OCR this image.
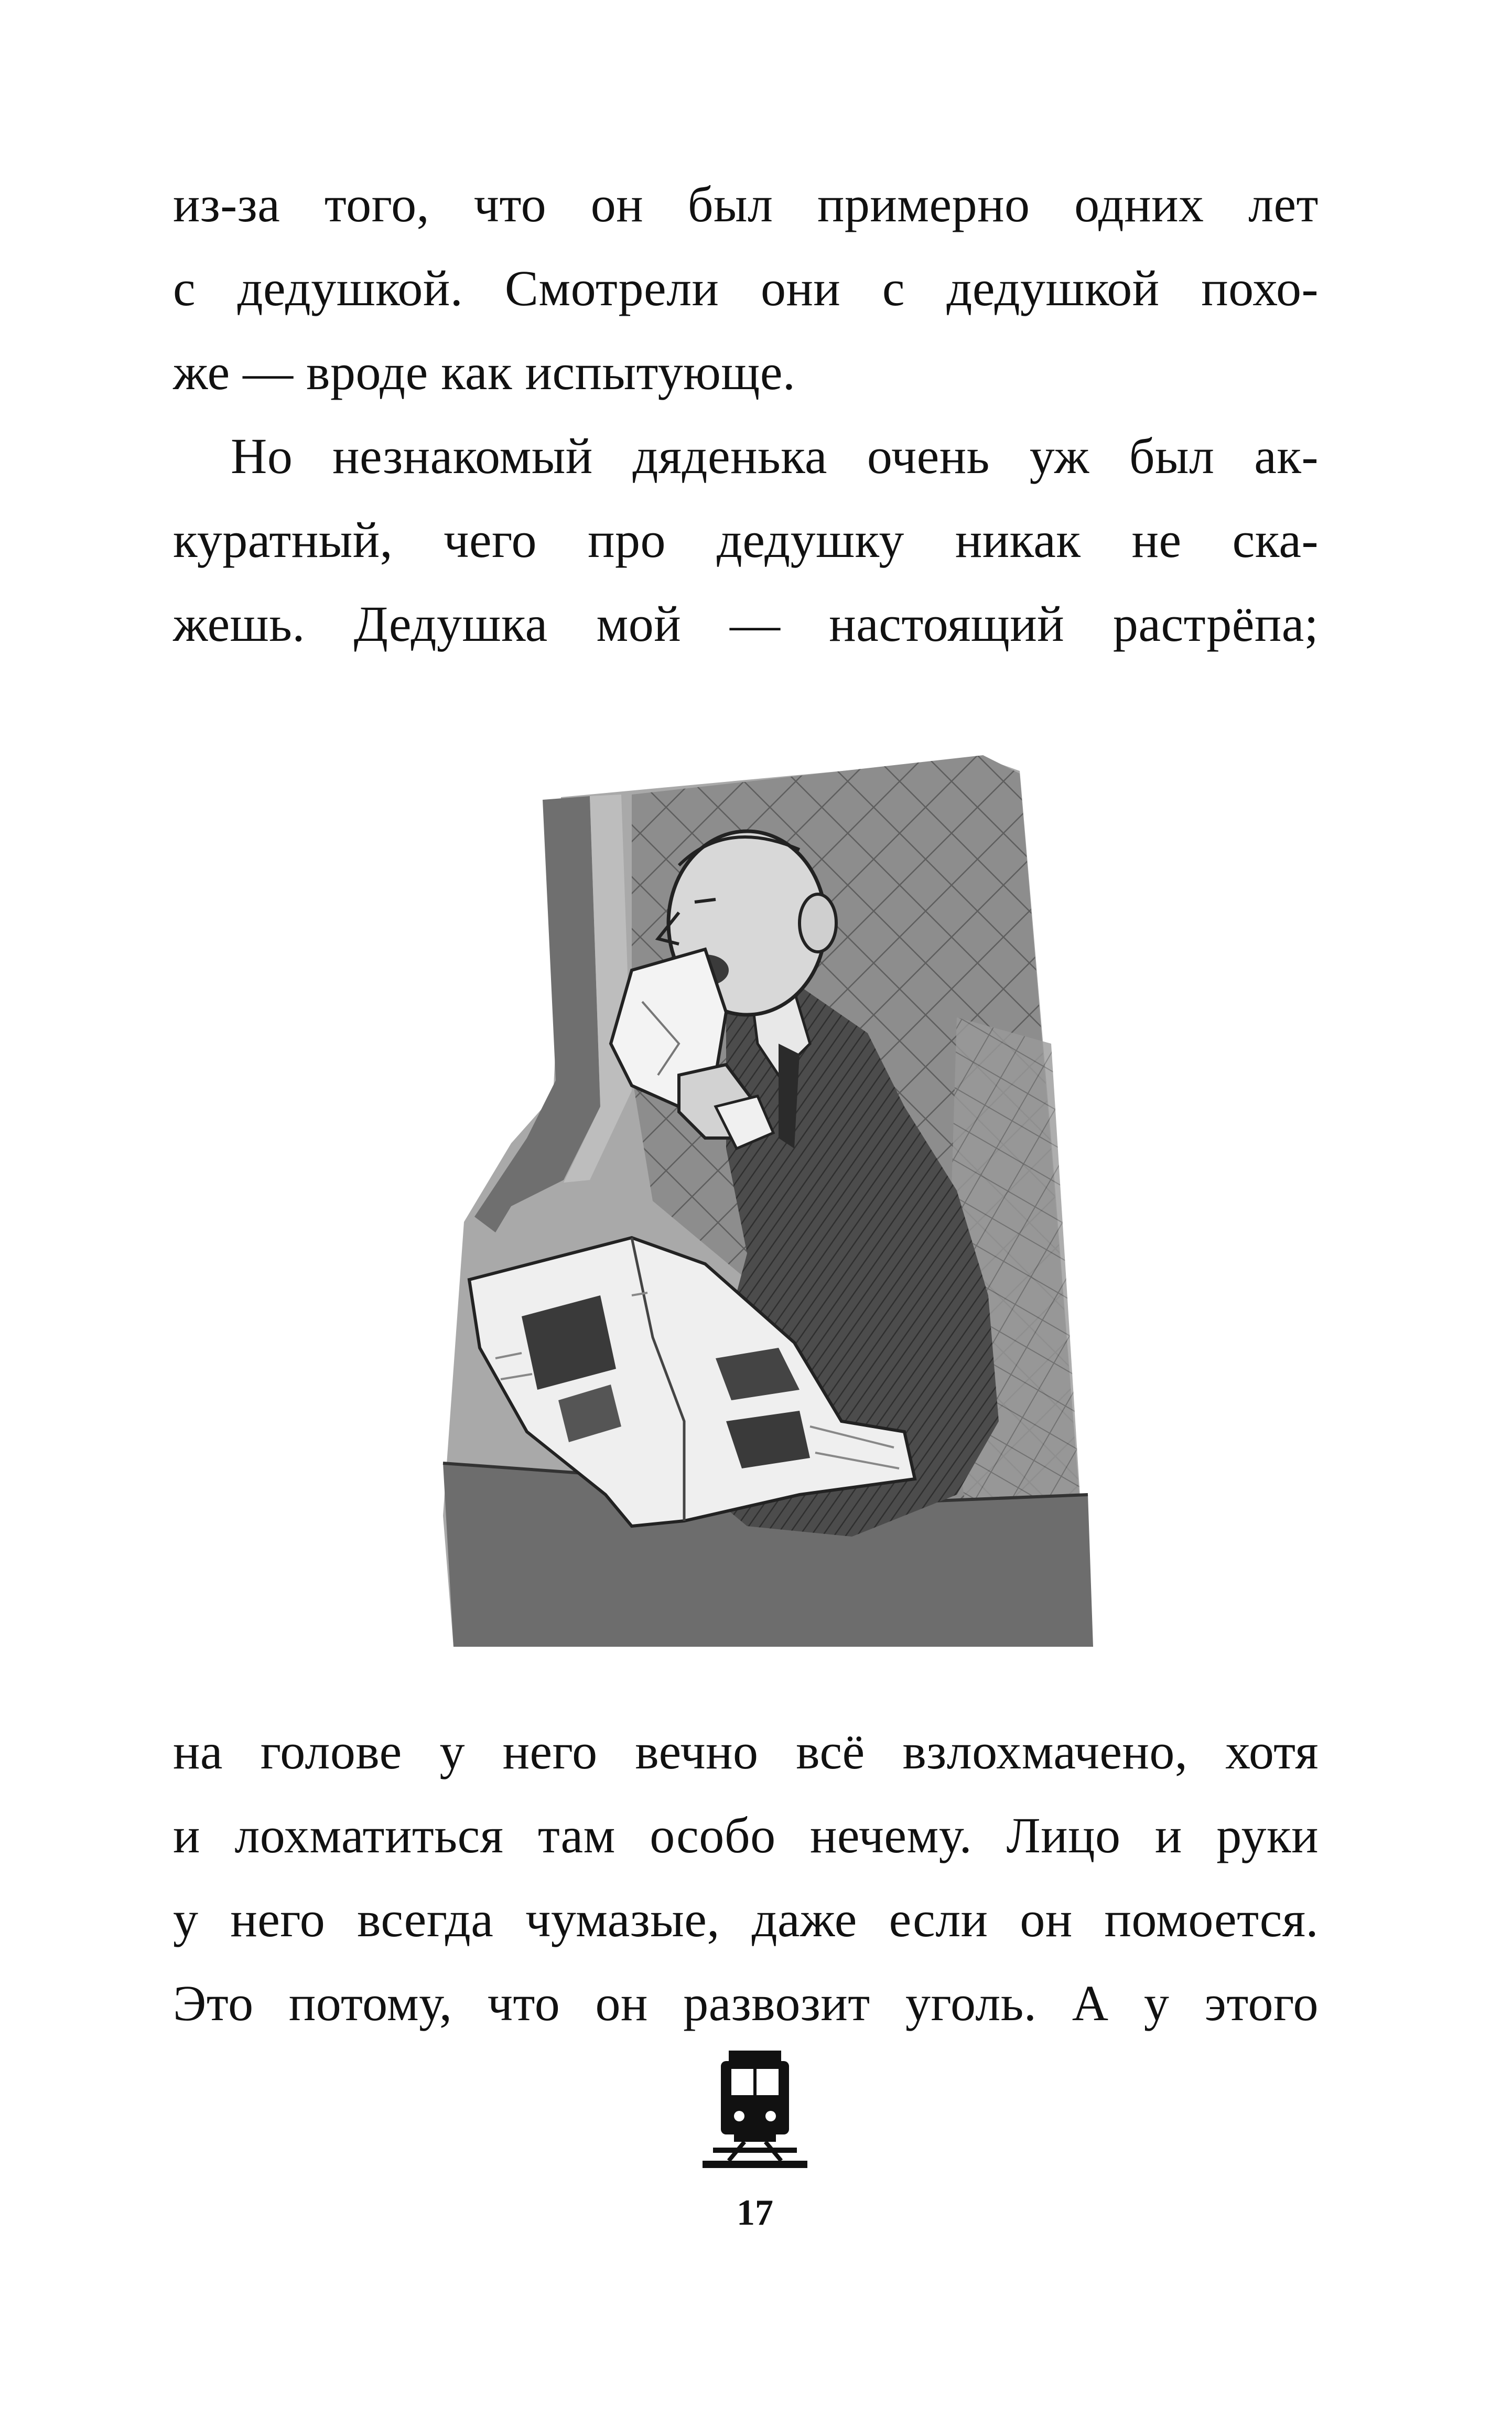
из-за того, что он был примерно одних лет
с дедушкой. Смотрели они с дедушкой похо-
же — вроде как испытующе.
Но незнакомый дяденька очень уж был ак-
куратный, чего про дедушку никак не ска-
жешь. Дедушка мой — настоящий растрёпа;
на голове у него вечно всё взлохмачено, хотя
и лохматиться там особо нечему. Лицо и руки
у него всегда чумазые, даже если он помоется.
Это потому, что он развозит уголь. А у этого
17
